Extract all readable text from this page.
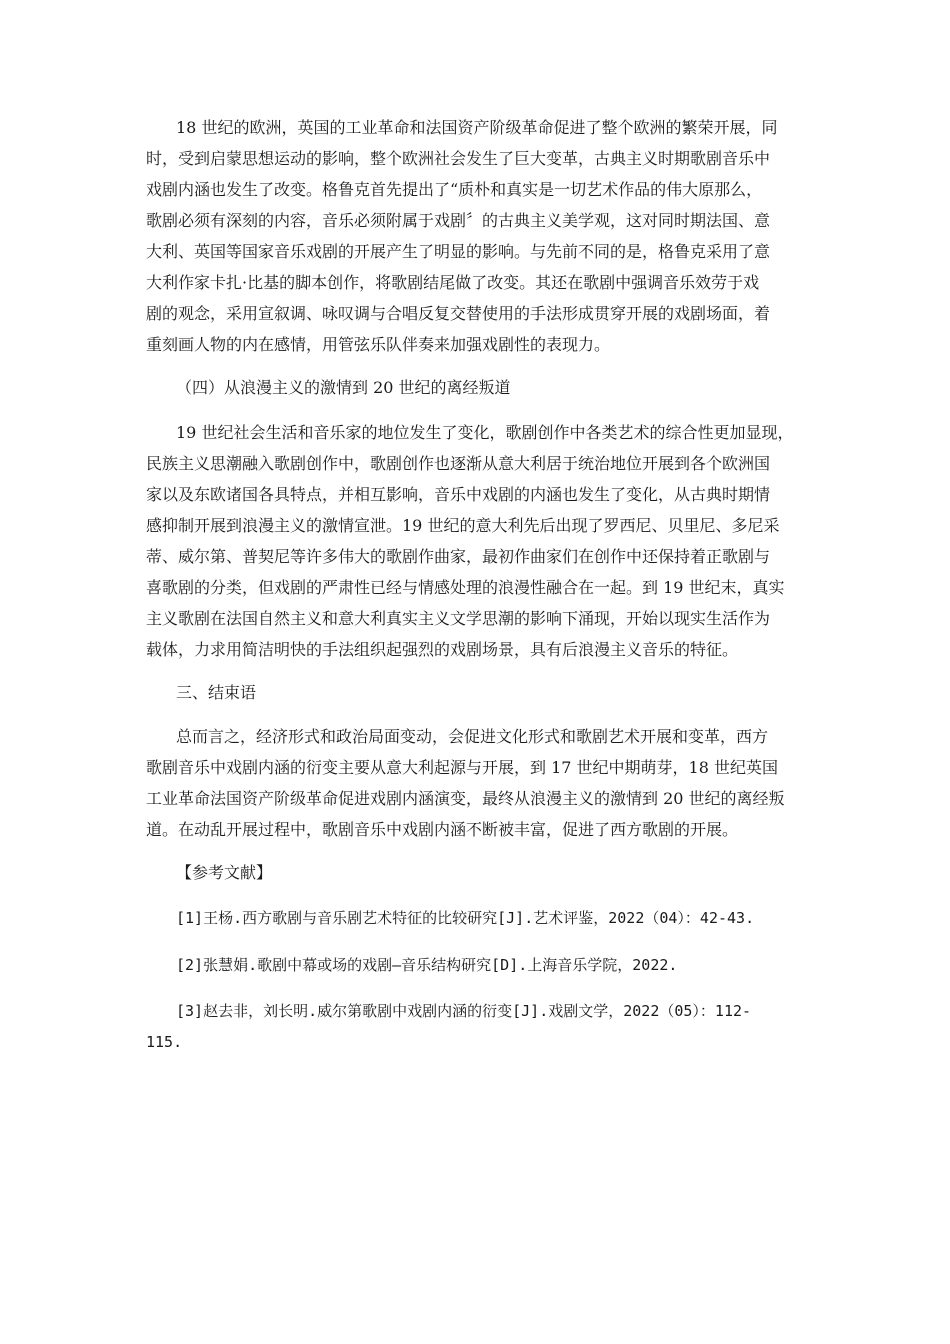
18 世纪的欧洲，英国的工业革命和法国资产阶级革命促进了整个欧洲的繁荣开展，同

时，受到启蒙思想运动的影响，整个欧洲社会发生了巨大变革，古典主义时期歌剧音乐中

戏剧内涵也发生了改变。格鲁克首先提出了“质朴和真实是一切艺术作品的伟大原那么，

歌剧必须有深刻的内容，音乐必须附属于戏剧〞的古典主义美学观，这对同时期法国、意

大利、英国等国家音乐戏剧的开展产生了明显的影响。与先前不同的是，格鲁克采用了意

大利作家卡扎·比基的脚本创作，将歌剧结尾做了改变。其还在歌剧中强调音乐效劳于戏

剧的观念，采用宣叙调、咏叹调与合唱反复交替使用的手法形成贯穿开展的戏剧场面，着

重刻画人物的内在感情，用管弦乐队伴奏来加强戏剧性的表现力。

（四）从浪漫主义的激情到 20 世纪的离经叛道

19 世纪社会生活和音乐家的地位发生了变化，歌剧创作中各类艺术的综合性更加显现，

民族主义思潮融入歌剧创作中，歌剧创作也逐渐从意大利居于统治地位开展到各个欧洲国

家以及东欧诸国各具特点，并相互影响，音乐中戏剧的内涵也发生了变化，从古典时期情

感抑制开展到浪漫主义的激情宣泄。19 世纪的意大利先后出现了罗西尼、贝里尼、多尼采

蒂、威尔第、普契尼等许多伟大的歌剧作曲家，最初作曲家们在创作中还保持着正歌剧与

喜歌剧的分类，但戏剧的严肃性已经与情感处理的浪漫性融合在一起。到 19 世纪末，真实

主义歌剧在法国自然主义和意大利真实主义文学思潮的影响下涌现，开始以现实生活作为

载体，力求用简洁明快的手法组织起强烈的戏剧场景，具有后浪漫主义音乐的特征。

三、结束语

总而言之，经济形式和政治局面变动，会促进文化形式和歌剧艺术开展和变革，西方

歌剧音乐中戏剧内涵的衍变主要从意大利起源与开展，到 17 世纪中期萌芽，18 世纪英国

工业革命法国资产阶级革命促进戏剧内涵演变，最终从浪漫主义的激情到 20 世纪的离经叛

道。在动乱开展过程中，歌剧音乐中戏剧内涵不断被丰富，促进了西方歌剧的开展。

【参考文献】

[1]王杨.西方歌剧与音乐剧艺术特征的比较研究[J].艺术评鉴，2022（04）：42-43.

[2]张慧娟.歌剧中幕或场的戏剧—音乐结构研究[D].上海音乐学院，2022.

[3]赵去非，刘长明.威尔第歌剧中戏剧内涵的衍变[J].戏剧文学，2022（05）：112-

115.
